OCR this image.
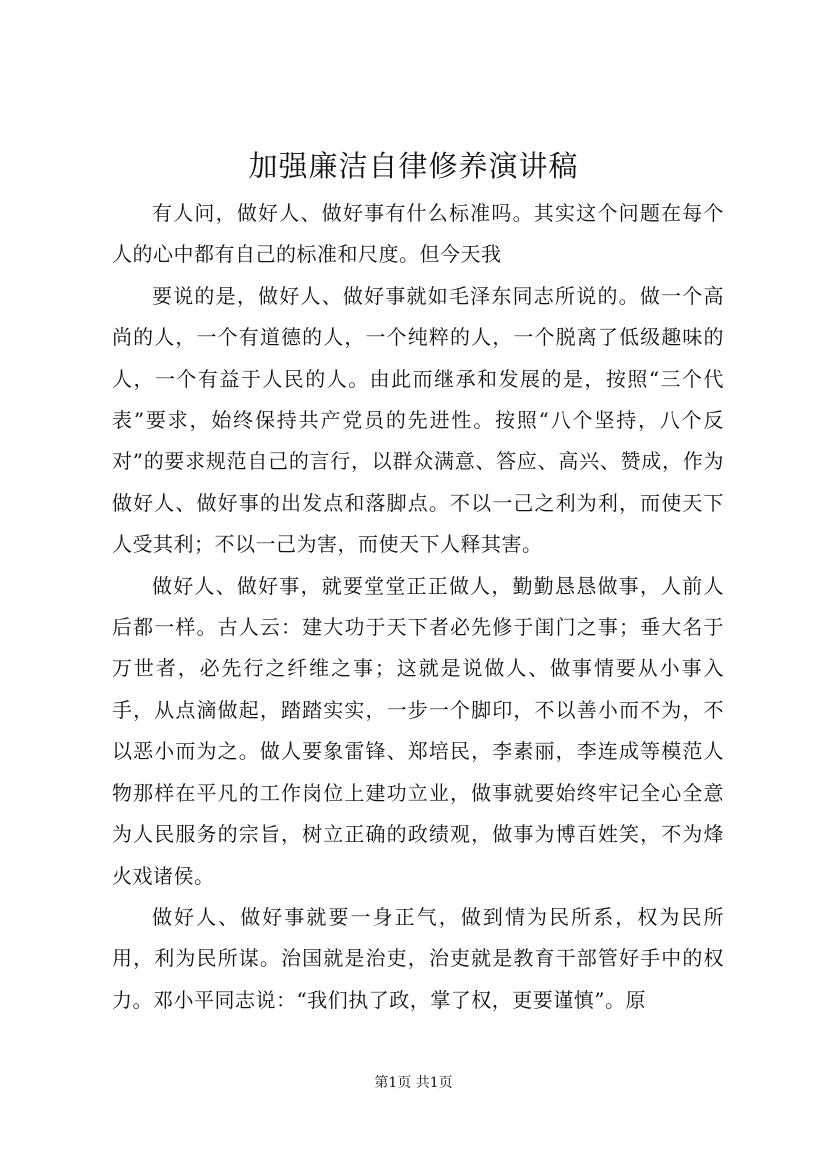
加强廉洁自律修养演讲稿

有人问，做好人、做好事有什么标准吗。其实这个问题在每个人的心中都有自己的标准和尺度。但今天我

要说的是，做好人、做好事就如毛泽东同志所说的。做一个高尚的人，一个有道德的人，一个纯粹的人，一个脱离了低级趣味的人，一个有益于人民的人。由此而继承和发展的是，按照“三个代表”要求，始终保持共产党员的先进性。按照“八个坚持，八个反对”的要求规范自己的言行，以群众满意、答应、高兴、赞成，作为做好人、做好事的出发点和落脚点。不以一己之利为利，而使天下人受其利；不以一己为害，而使天下人释其害。

做好人、做好事，就要堂堂正正做人，勤勤恳恳做事，人前人后都一样。古人云：建大功于天下者必先修于闺门之事；垂大名于万世者，必先行之纤维之事；这就是说做人、做事情要从小事入手，从点滴做起，踏踏实实，一步一个脚印，不以善小而不为，不以恶小而为之。做人要象雷锋、郑培民，李素丽，李连成等模范人物那样在平凡的工作岗位上建功立业，做事就要始终牢记全心全意为人民服务的宗旨，树立正确的政绩观，做事为博百姓笑，不为烽火戏诸侯。

做好人、做好事就要一身正气，做到情为民所系，权为民所用，利为民所谋。治国就是治吏，治吏就是教育干部管好手中的权力。邓小平同志说：“我们执了政，掌了权，更要谨慎”。原

第1页 共1页
